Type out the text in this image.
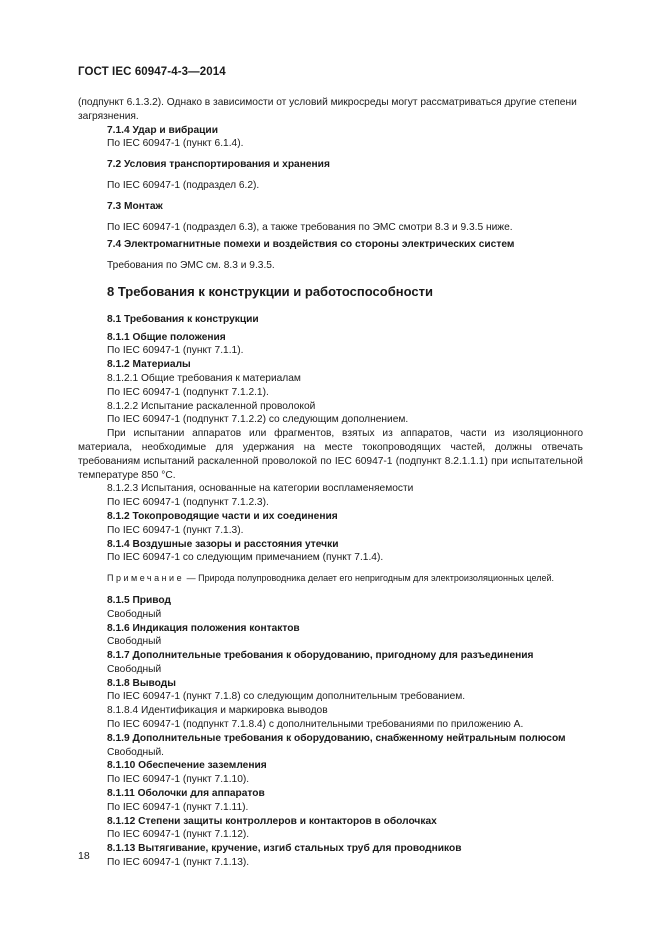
ГОСТ IEC 60947-4-3—2014

(подпункт 6.1.3.2). Однако в зависимости от условий микросреды могут рассматриваться другие степени загрязнения.

7.1.4 Удар и вибрации

По IEC 60947-1 (пункт 6.1.4).

7.2 Условия транспортирования и хранения

По IEC 60947-1 (подраздел 6.2).

7.3 Монтаж

По IEC 60947-1 (подраздел 6.3), а также требования по ЭМС смотри 8.3 и 9.3.5 ниже.

7.4 Электромагнитные помехи и воздействия со стороны электрических систем

Требования по ЭМС см. 8.3 и 9.3.5.

8 Требования к конструкции и работоспособности

8.1 Требования к конструкции

8.1.1 Общие положения

По IEC 60947-1 (пункт 7.1.1).

8.1.2 Материалы

8.1.2.1 Общие требования к материалам

По IEC 60947-1 (подпункт 7.1.2.1).

8.1.2.2 Испытание раскаленной проволокой

По IEC 60947-1 (подпункт 7.1.2.2) со следующим дополнением.

При испытании аппаратов или фрагментов, взятых из аппаратов, части из изоляционного материала, необходимые для удержания на месте токопроводящих частей, должны отвечать требованиям испытаний раскаленной проволокой по IEC 60947-1 (подпункт 8.2.1.1.1) при испытательной температуре 850 °С.

8.1.2.3 Испытания, основанные на категории воспламеняемости

По IEC 60947-1 (подпункт 7.1.2.3).

8.1.2 Токопроводящие части и их соединения

По IEC 60947-1 (пункт 7.1.3).

8.1.4 Воздушные зазоры и расстояния утечки

По IEC 60947-1 со следующим примечанием (пункт 7.1.4).

Примечание — Природа полупроводника делает его непригодным для электроизоляционных целей.

8.1.5 Привод

Свободный

8.1.6 Индикация положения контактов

Свободный

8.1.7 Дополнительные требования к оборудованию, пригодному для разъединения

Свободный

8.1.8 Выводы

По IEC 60947-1 (пункт 7.1.8) со следующим дополнительным требованием.

8.1.8.4 Идентификация и маркировка выводов

По IEC 60947-1 (подпункт 7.1.8.4) с дополнительными требованиями по приложению А.

8.1.9 Дополнительные требования к оборудованию, снабженному нейтральным полюсом

Свободный.

8.1.10 Обеспечение заземления

По IEC 60947-1 (пункт 7.1.10).

8.1.11 Оболочки для аппаратов

По IEC 60947-1 (пункт 7.1.11).

8.1.12 Степени защиты контроллеров и контакторов в оболочках

По IEC 60947-1 (пункт 7.1.12).

8.1.13 Вытягивание, кручение, изгиб стальных труб для проводников

По IEC 60947-1 (пункт 7.1.13).

18
